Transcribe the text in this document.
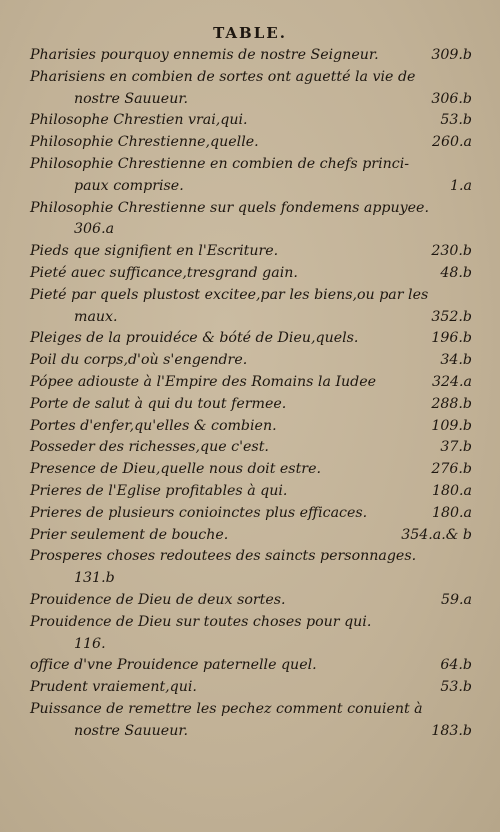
TABLE.
Pharisies pourquoy ennemis de nostre Seigneur.	309.b
Pharisiens en combien de sortes ont aguetté la vie de
nostre Sauueur.	306.b
Philosophe Chrestien vrai,qui.	53.b
Philosophie Chrestienne,quelle.	260.a
Philosophie Chrestienne en combien de chefs princi-
paux comprise.	1.a
Philosophie Chrestienne sur quels fondemens appuyee.
306.a
Pieds que signifient en l'Escriture.	230.b
Pieté auec sufficance,tresgrand gain.	48.b
Pieté par quels plustost excitee,par les biens,ou par les
maux.	352.b
Pleiges de la prouidéce & bóté de Dieu,quels.	196.b
Poil du corps,d'où s'engendre.	34.b
Pópee adiouste à l'Empire des Romains la Iudee	324.a
Porte de salut à qui du tout fermee.	288.b
Portes d'enfer,qu'elles & combien.	109.b
Posseder des richesses,que c'est.	37.b
Presence de Dieu,quelle nous doit estre.	276.b
Prieres de l'Eglise profitables à qui.	180.a
Prieres de plusieurs conioinctes plus efficaces.	180.a
Prier seulement de bouche.	354.a.& b
Prosperes choses redoutees des saincts personnages.
131.b
Prouidence de Dieu de deux sortes.	59.a
Prouidence de Dieu sur toutes choses pour qui.
116.
office d'vne Prouidence paternelle quel.	64.b
Prudent vraiement,qui.	53.b
Puissance de remettre les pechez comment conuient à
nostre Sauueur.	183.b
